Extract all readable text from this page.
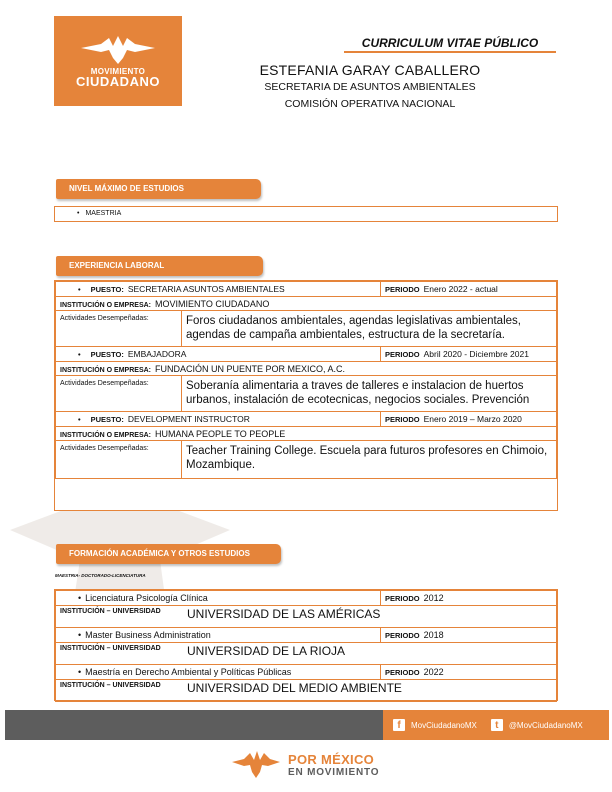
MOVIMIENTO
CIUDADANO
CURRICULUM VITAE PÚBLICO
ESTEFANIA GARAY CABALLERO
SECRETARIA DE ASUNTOS AMBIENTALES
COMISIÓN OPERATIVA NACIONAL
NIVEL MÁXIMO DE ESTUDIOS
• MAESTRIA
EXPERIENCIA LABORAL
• PUESTO: SECRETARIA ASUNTOS AMBIENTALES		PERIODO Enero 2022 - actual
INSTITUCIÓN O EMPRESA: MOVIMIENTO CIUDADANO		
Actividades Desempeñadas:	Foros ciudadanos ambientales, agendas legislativas ambientales, agendas de campaña ambientales, estructura de la secretaría.	
• PUESTO: EMBAJADORA		PERIODO Abril 2020 - Diciembre 2021
INSTITUCIÓN O EMPRESA: FUNDACIÓN UN PUENTE POR MEXICO, A.C.		
Actividades Desempeñadas:	Soberanía alimentaria a traves de talleres e instalacion de huertos urbanos, instalación de ecotecnicas, negocios sociales. Prevención	
• PUESTO: DEVELOPMENT INSTRUCTOR		PERIODO Enero 2019 – Marzo 2020
INSTITUCIÓN O EMPRESA: HUMANA PEOPLE TO PEOPLE		
Actividades Desempeñadas:	Teacher Training College. Escuela para futuros profesores en Chimoio, Mozambique.	
FORMACIÓN ACADÉMICA Y OTROS ESTUDIOS
MAESTRIA- DOCTORADO-LICENCIATURA
• Licenciatura Psicología Clínica	PERIODO 2012
INSTITUCIÓN – UNIVERSIDAD UNIVERSIDAD DE LAS AMÉRICAS	
• Master Business Administration	PERIODO 2018
INSTITUCIÓN – UNIVERSIDAD UNIVERSIDAD DE LA RIOJA	
• Maestría en Derecho Ambiental y Políticas Públicas	PERIODO 2022
INSTITUCIÓN – UNIVERSIDAD UNIVERSIDAD DEL MEDIO AMBIENTE	
f	MovCiudadanoMX	t	@MovCiudadanoMX
POR MÉXICO
EN MOVIMIENTO
